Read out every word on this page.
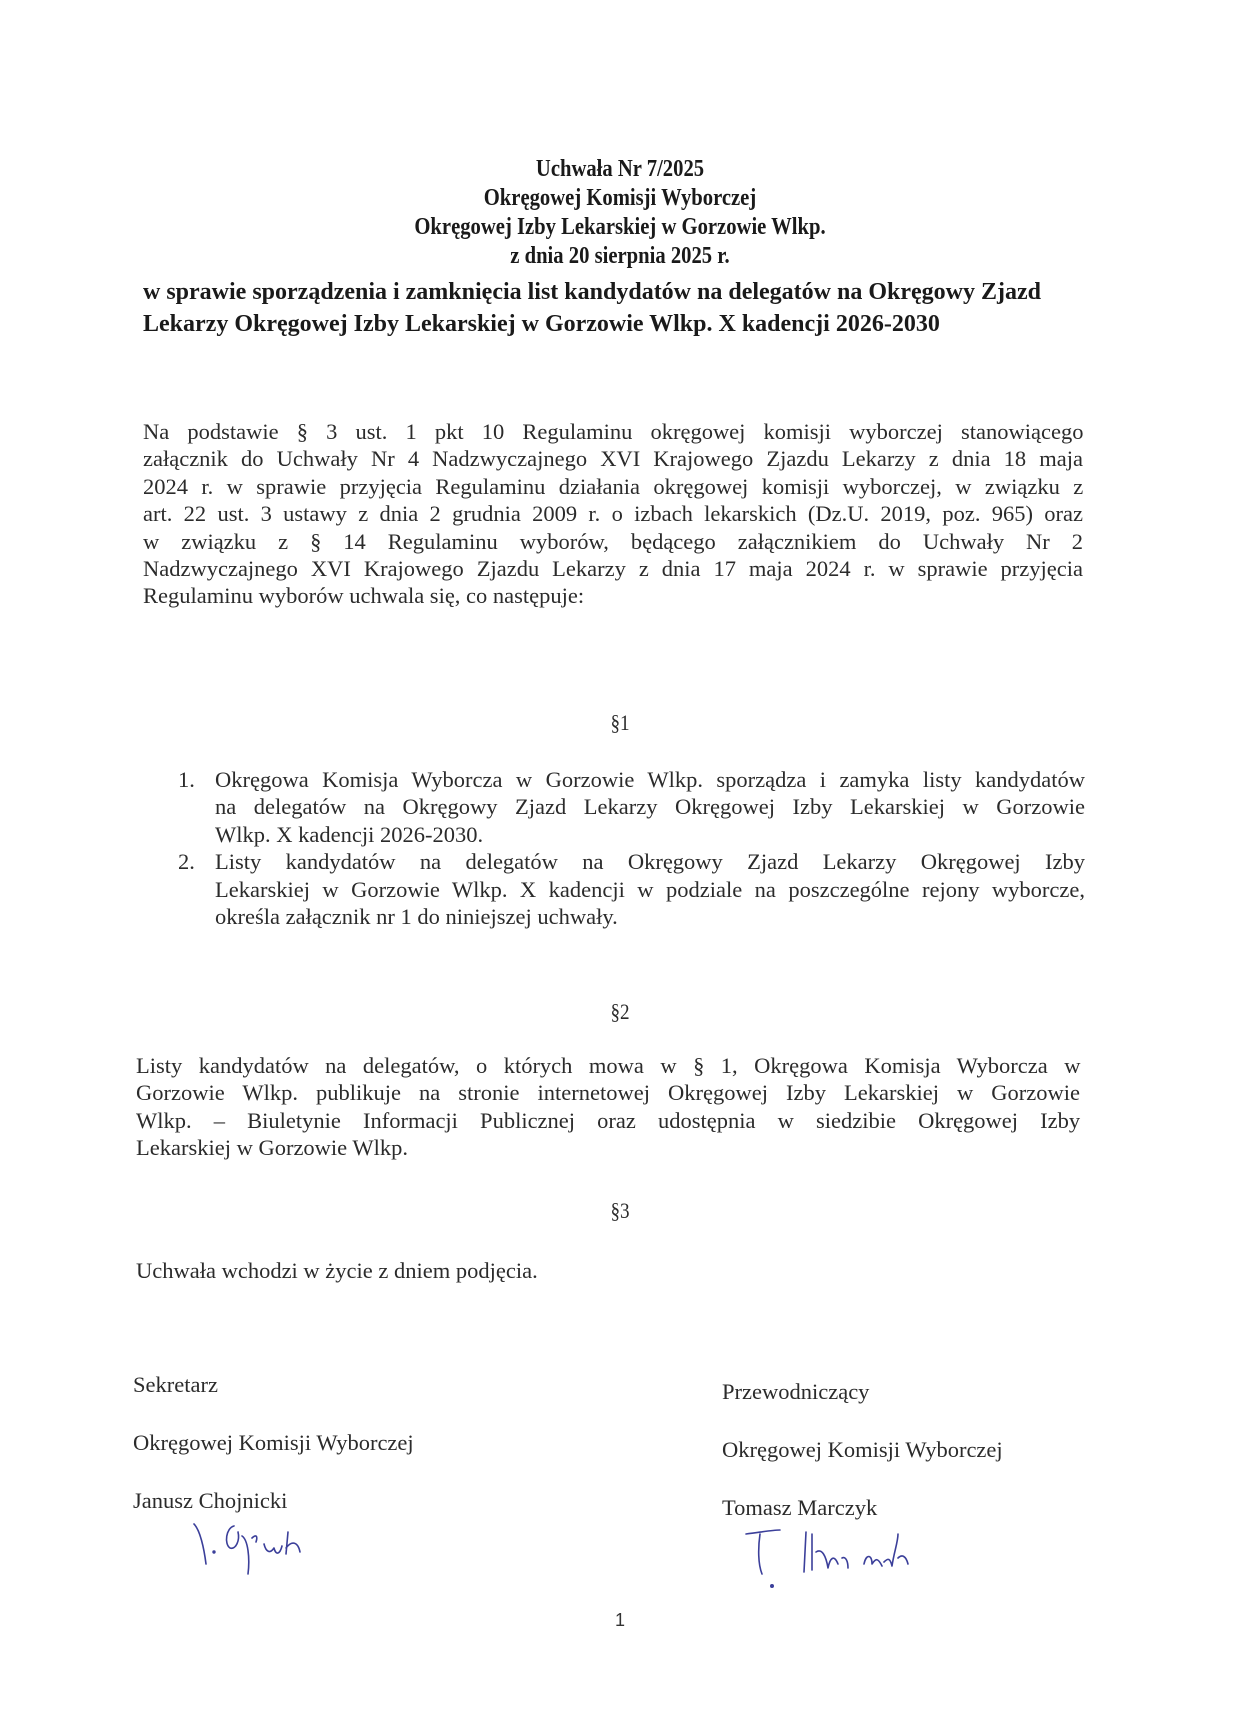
Uchwała Nr 7/2025
Okręgowej Komisji Wyborczej
Okręgowej Izby Lekarskiej w Gorzowie Wlkp.
z dnia 20 sierpnia 2025 r.
w sprawie sporządzenia i zamknięcia list kandydatów na delegatów na Okręgowy Zjazd
Lekarzy Okręgowej Izby Lekarskiej w Gorzowie Wlkp. X kadencji 2026-2030
Na podstawie § 3 ust. 1 pkt 10 Regulaminu okręgowej komisji wyborczej stanowiącego
załącznik do Uchwały Nr 4 Nadzwyczajnego XVI Krajowego Zjazdu Lekarzy z dnia 18 maja
2024 r. w sprawie przyjęcia Regulaminu działania okręgowej komisji wyborczej, w związku z
art. 22 ust. 3 ustawy z dnia 2 grudnia 2009 r. o izbach lekarskich (Dz.U. 2019, poz. 965) oraz
w związku z § 14 Regulaminu wyborów, będącego załącznikiem do Uchwały Nr 2
Nadzwyczajnego XVI Krajowego Zjazdu Lekarzy z dnia 17 maja 2024 r. w sprawie przyjęcia
Regulaminu wyborów uchwala się, co następuje:
§1
1. Okręgowa Komisja Wyborcza w Gorzowie Wlkp. sporządza i zamyka listy kandydatów
na delegatów na Okręgowy Zjazd Lekarzy Okręgowej Izby Lekarskiej w Gorzowie
Wlkp. X kadencji 2026-2030.
2. Listy kandydatów na delegatów na Okręgowy Zjazd Lekarzy Okręgowej Izby
Lekarskiej w Gorzowie Wlkp. X kadencji w podziale na poszczególne rejony wyborcze,
określa załącznik nr 1 do niniejszej uchwały.
§2
Listy kandydatów na delegatów, o których mowa w § 1, Okręgowa Komisja Wyborcza w
Gorzowie Wlkp. publikuje na stronie internetowej Okręgowej Izby Lekarskiej w Gorzowie
Wlkp. – Biuletynie Informacji Publicznej oraz udostępnia w siedzibie Okręgowej Izby
Lekarskiej w Gorzowie Wlkp.
§3
Uchwała wchodzi w życie z dniem podjęcia.
Sekretarz
Okręgowej Komisji Wyborczej
Janusz Chojnicki
Przewodniczący
Okręgowej Komisji Wyborczej
Tomasz Marczyk
1
